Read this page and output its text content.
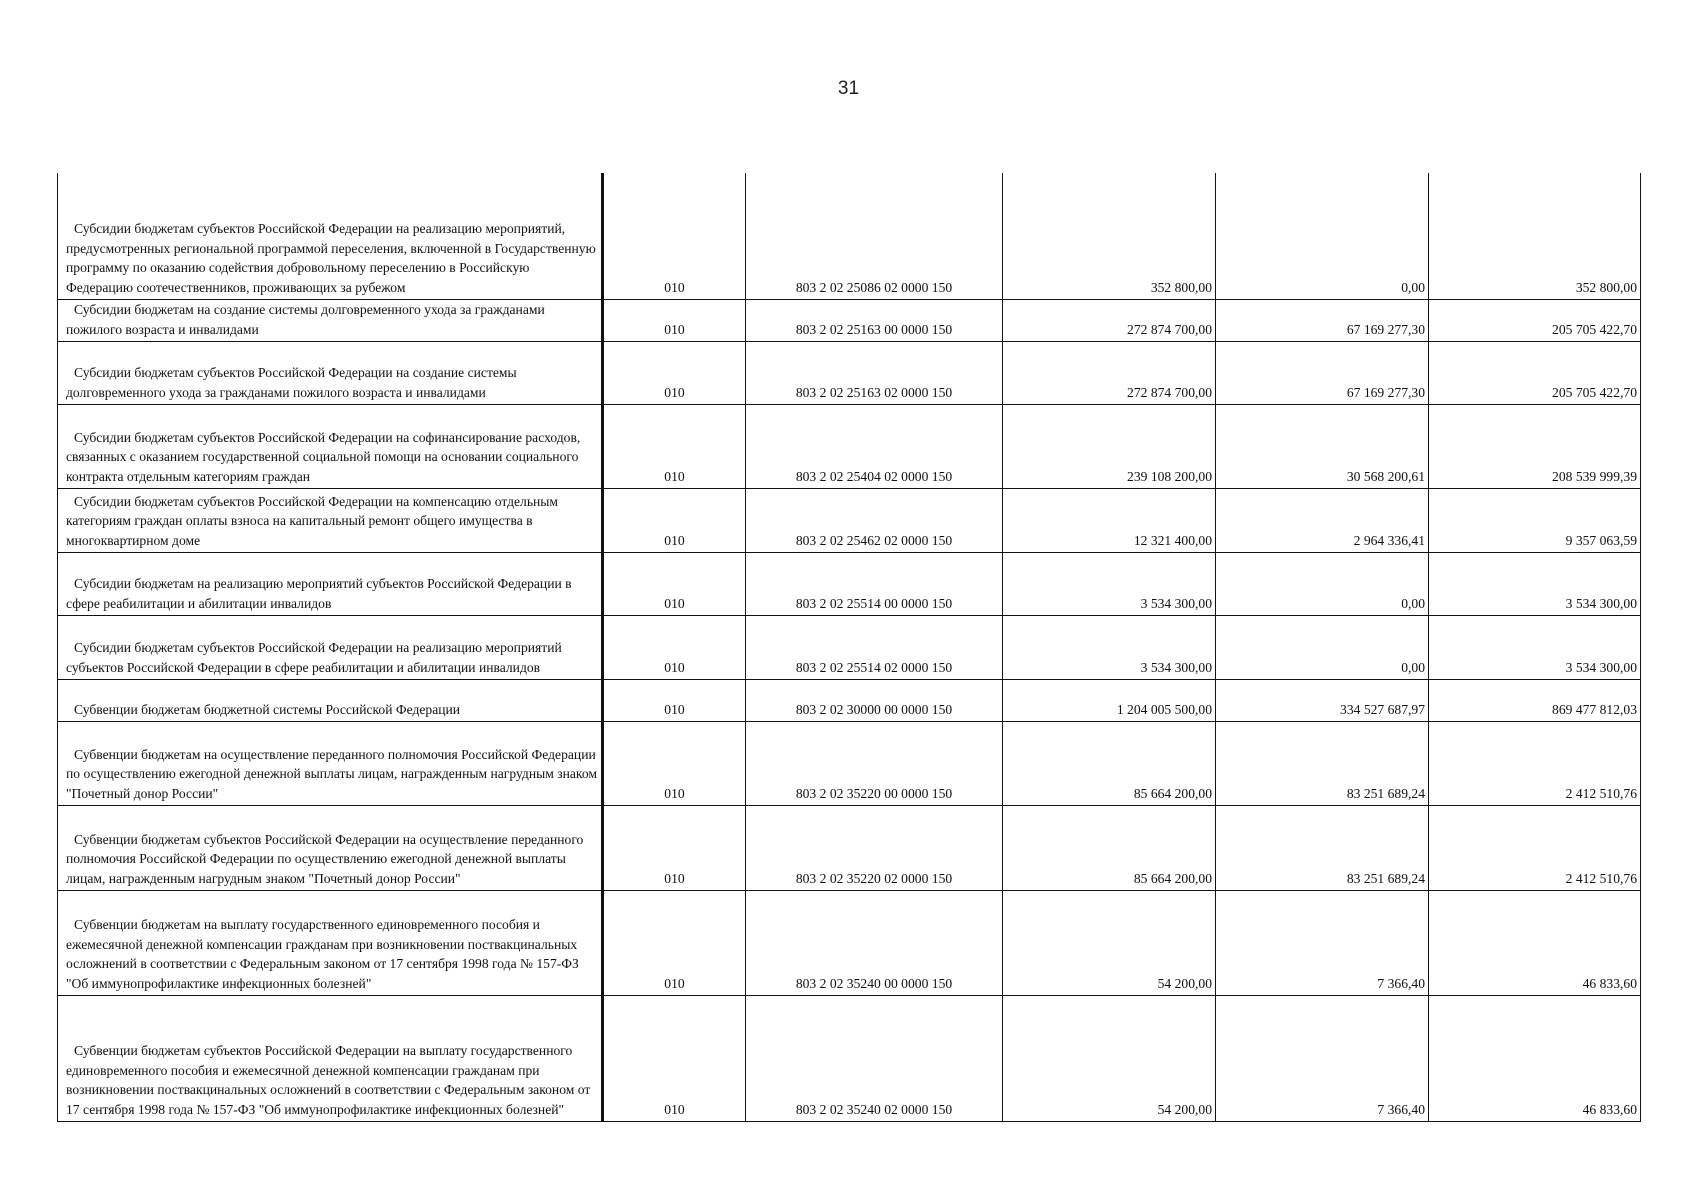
31
Субсидии бюджетам субъектов Российской Федерации на реализацию мероприятий, предусмотренных региональной программой переселения, включенной в Государственную программу по оказанию содействия добровольному переселению в Российскую Федерацию соотечественников, проживающих за рубежом	010	803 2 02 25086 02 0000 150	352 800,00	0,00	352 800,00

Субсидии бюджетам на создание системы долговременного ухода за гражданами пожилого возраста и инвалидами	010	803 2 02 25163 00 0000 150	272 874 700,00	67 169 277,30	205 705 422,70

Субсидии бюджетам субъектов Российской Федерации на создание системы долговременного ухода за гражданами пожилого возраста и инвалидами	010	803 2 02 25163 02 0000 150	272 874 700,00	67 169 277,30	205 705 422,70

Субсидии бюджетам субъектов Российской Федерации на софинансирование расходов, связанных с оказанием государственной социальной помощи на основании социального контракта отдельным категориям граждан	010	803 2 02 25404 02 0000 150	239 108 200,00	30 568 200,61	208 539 999,39

Субсидии бюджетам субъектов Российской Федерации на компенсацию отдельным категориям граждан оплаты взноса на капитальный ремонт общего имущества в многоквартирном доме	010	803 2 02 25462 02 0000 150	12 321 400,00	2 964 336,41	9 357 063,59

Субсидии бюджетам на реализацию мероприятий субъектов Российской Федерации в сфере реабилитации и абилитации инвалидов	010	803 2 02 25514 00 0000 150	3 534 300,00	0,00	3 534 300,00

Субсидии бюджетам субъектов Российской Федерации на реализацию мероприятий субъектов Российской Федерации в сфере реабилитации и абилитации инвалидов	010	803 2 02 25514 02 0000 150	3 534 300,00	0,00	3 534 300,00

Субвенции бюджетам бюджетной системы Российской Федерации	010	803 2 02 30000 00 0000 150	1 204 005 500,00	334 527 687,97	869 477 812,03

Субвенции бюджетам на осуществление переданного полномочия Российской Федерации по осуществлению ежегодной денежной выплаты лицам, награжденным нагрудным знаком "Почетный донор России"	010	803 2 02 35220 00 0000 150	85 664 200,00	83 251 689,24	2 412 510,76

Субвенции бюджетам субъектов Российской Федерации на осуществление переданного полномочия Российской Федерации по осуществлению ежегодной денежной выплаты лицам, награжденным нагрудным знаком "Почетный донор России"	010	803 2 02 35220 02 0000 150	85 664 200,00	83 251 689,24	2 412 510,76

Субвенции бюджетам на выплату государственного единовременного пособия и ежемесячной денежной компенсации гражданам при возникновении поствакцинальных осложнений в соответствии с Федеральным законом от 17 сентября 1998 года № 157-ФЗ "Об иммунопрофилактике инфекционных болезней"	010	803 2 02 35240 00 0000 150	54 200,00	7 366,40	46 833,60

Субвенции бюджетам субъектов Российской Федерации на выплату государственного единовременного пособия и ежемесячной денежной компенсации гражданам при возникновении поствакцинальных осложнений в соответствии с Федеральным законом от 17 сентября 1998 года № 157-ФЗ "Об иммунопрофилактике инфекционных болезней"	010	803 2 02 35240 02 0000 150	54 200,00	7 366,40	46 833,60
